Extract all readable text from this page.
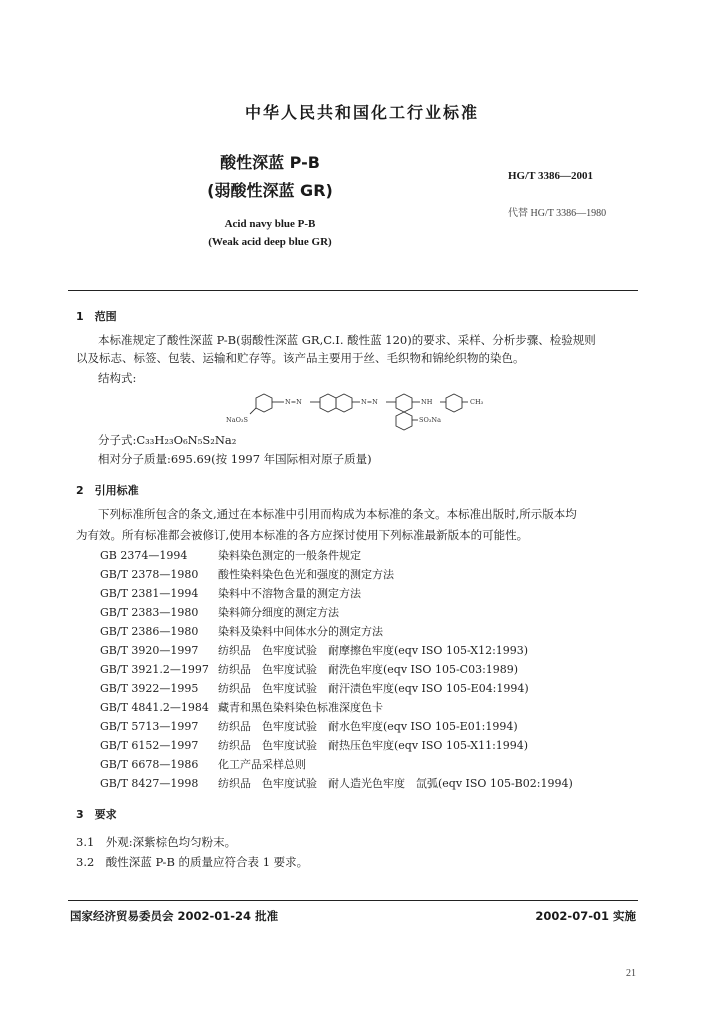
中华人民共和国化工行业标准
酸性深蓝 P-B
(弱酸性深蓝 GR)
Acid navy blue P-B
(Weak acid deep blue GR)
HG/T 3386—2001
代替 HG/T 3386—1980
1　范围
本标准规定了酸性深蓝 P-B(弱酸性深蓝 GR,C.I. 酸性蓝 120)的要求、采样、分析步骤、检验规则
以及标志、标签、包装、运输和贮存等。该产品主要用于丝、毛织物和锦纶织物的染色。
结构式:
N=N	N=N	NH	CH₃
NaO₃S	SO₃Na
分子式:C₃₃H₂₃O₆N₅S₂Na₂
相对分子质量:695.69(按 1997 年国际相对原子质量)
2　引用标准
下列标准所包含的条文,通过在本标准中引用而构成为本标准的条文。本标准出版时,所示版本均
为有效。所有标准都会被修订,使用本标准的各方应探讨使用下列标准最新版本的可能性。
GB 2374—1994	染料染色测定的一般条件规定
GB/T 2378—1980 酸性染料染色色光和强度的测定方法
GB/T 2381—1994 染料中不溶物含量的测定方法
GB/T 2383—1980 染料筛分细度的测定方法
GB/T 2386—1980 染料及染料中间体水分的测定方法
GB/T 3920—1997 纺织品　色牢度试验　耐摩擦色牢度(eqv ISO 105-X12:1993)
GB/T 3921.2—1997 纺织品　色牢度试验　耐洗色牢度(eqv ISO 105-C03:1989)
GB/T 3922—1995 纺织品　色牢度试验　耐汗渍色牢度(eqv ISO 105-E04:1994)
GB/T 4841.2—1984 藏青和黑色染料染色标准深度色卡
GB/T 5713—1997 纺织品　色牢度试验　耐水色牢度(eqv ISO 105-E01:1994)
GB/T 6152—1997 纺织品　色牢度试验　耐热压色牢度(eqv ISO 105-X11:1994)
GB/T 6678—1986 化工产品采样总则
GB/T 8427—1998 纺织品　色牢度试验　耐人造光色牢度　氙弧(eqv ISO 105-B02:1994)
3　要求
3.1　外观:深紫棕色均匀粉末。
3.2　酸性深蓝 P-B 的质量应符合表 1 要求。
国家经济贸易委员会 2002-01-24 批准	2002-07-01 实施
21
